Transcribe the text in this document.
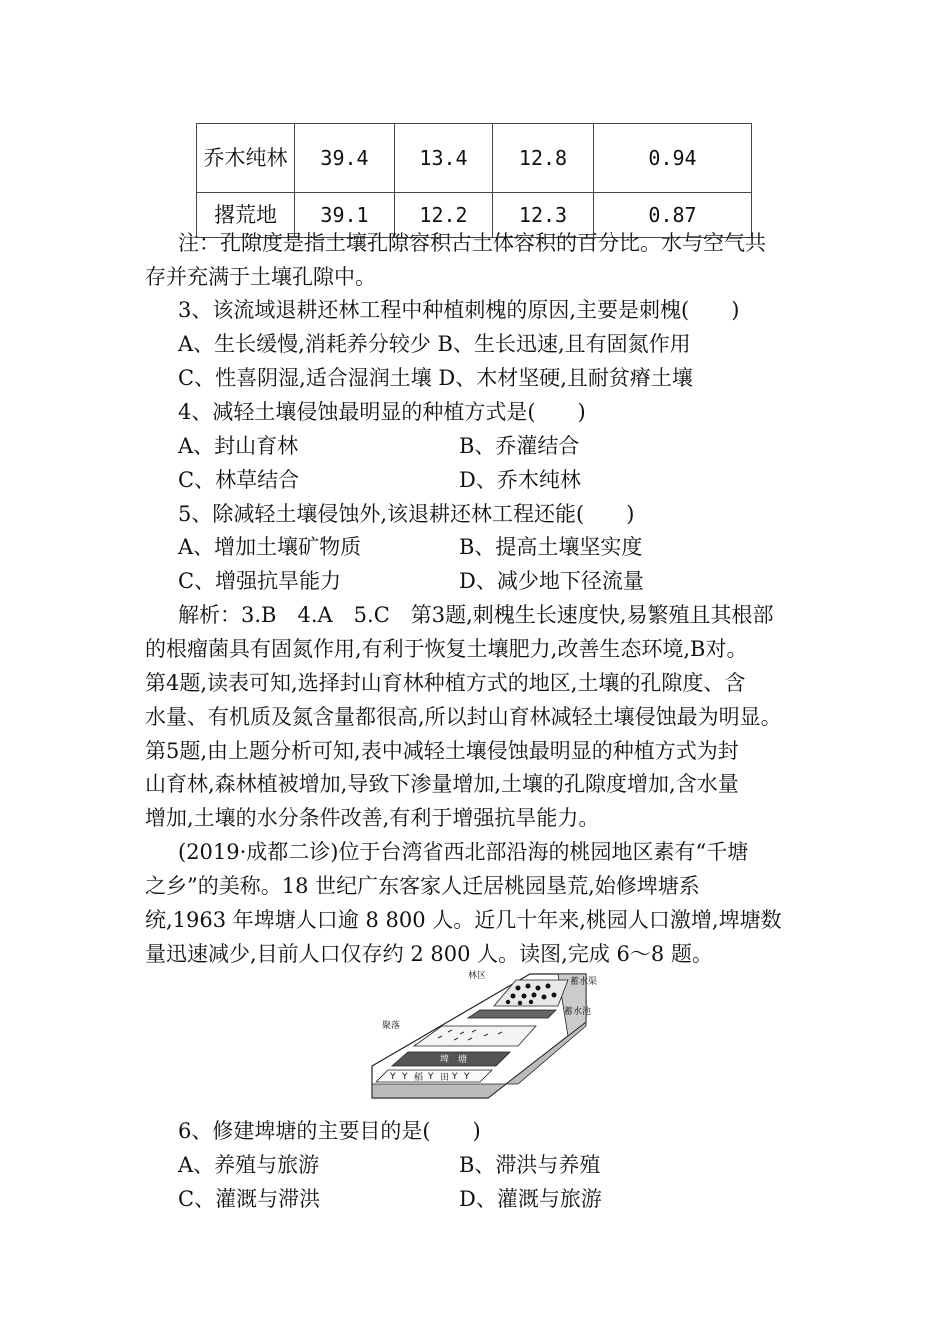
乔木纯林	39.4	13.4	12.8	0.94
撂荒地	39.1	12.2	12.3	0.87
注：孔隙度是指土壤孔隙容积占土体容积的百分比。水与空气共
存并充满于土壤孔隙中。
3、该流域退耕还林工程中种植刺槐的原因,主要是刺槐(　　)
A、生长缓慢,消耗养分较少 B、生长迅速,且有固氮作用
C、性喜阴湿,适合湿润土壤 D、木材坚硬,且耐贫瘠土壤
4、减轻土壤侵蚀最明显的种植方式是(　　)
A、封山育林	B、乔灌结合
C、林草结合	D、乔木纯林
5、除减轻土壤侵蚀外,该退耕还林工程还能(　　)
A、增加土壤矿物质	B、提高土壤坚实度
C、增强抗旱能力	D、减少地下径流量
解析：3.B　4.A　5.C　第3题,刺槐生长速度快,易繁殖且其根部
的根瘤菌具有固氮作用,有利于恢复土壤肥力,改善生态环境,B对。
第4题,读表可知,选择封山育林种植方式的地区,土壤的孔隙度、含
水量、有机质及氮含量都很高,所以封山育林减轻土壤侵蚀最为明显。
第5题,由上题分析可知,表中减轻土壤侵蚀最明显的种植方式为封
山育林,森林植被增加,导致下渗量增加,土壤的孔隙度增加,含水量
增加,土壤的水分条件改善,有利于增强抗旱能力。
(2019·成都二诊)位于台湾省西北部沿海的桃园地区素有“千塘
之乡”的美称。18 世纪广东客家人迁居桃园垦荒,始修埤塘系
统,1963 年埤塘人口逾 8 800 人。近几十年来,桃园人口激增,埤塘数
量迅速减少,目前人口仅存约 2 800 人。读图,完成 6～8 题。
Y Y Y Y Y
林区
蓄水渠
蓄水池
聚落
埤　塘
稻 田
6、修建埤塘的主要目的是(　　)
A、养殖与旅游	B、滞洪与养殖
C、灌溉与滞洪	D、灌溉与旅游
